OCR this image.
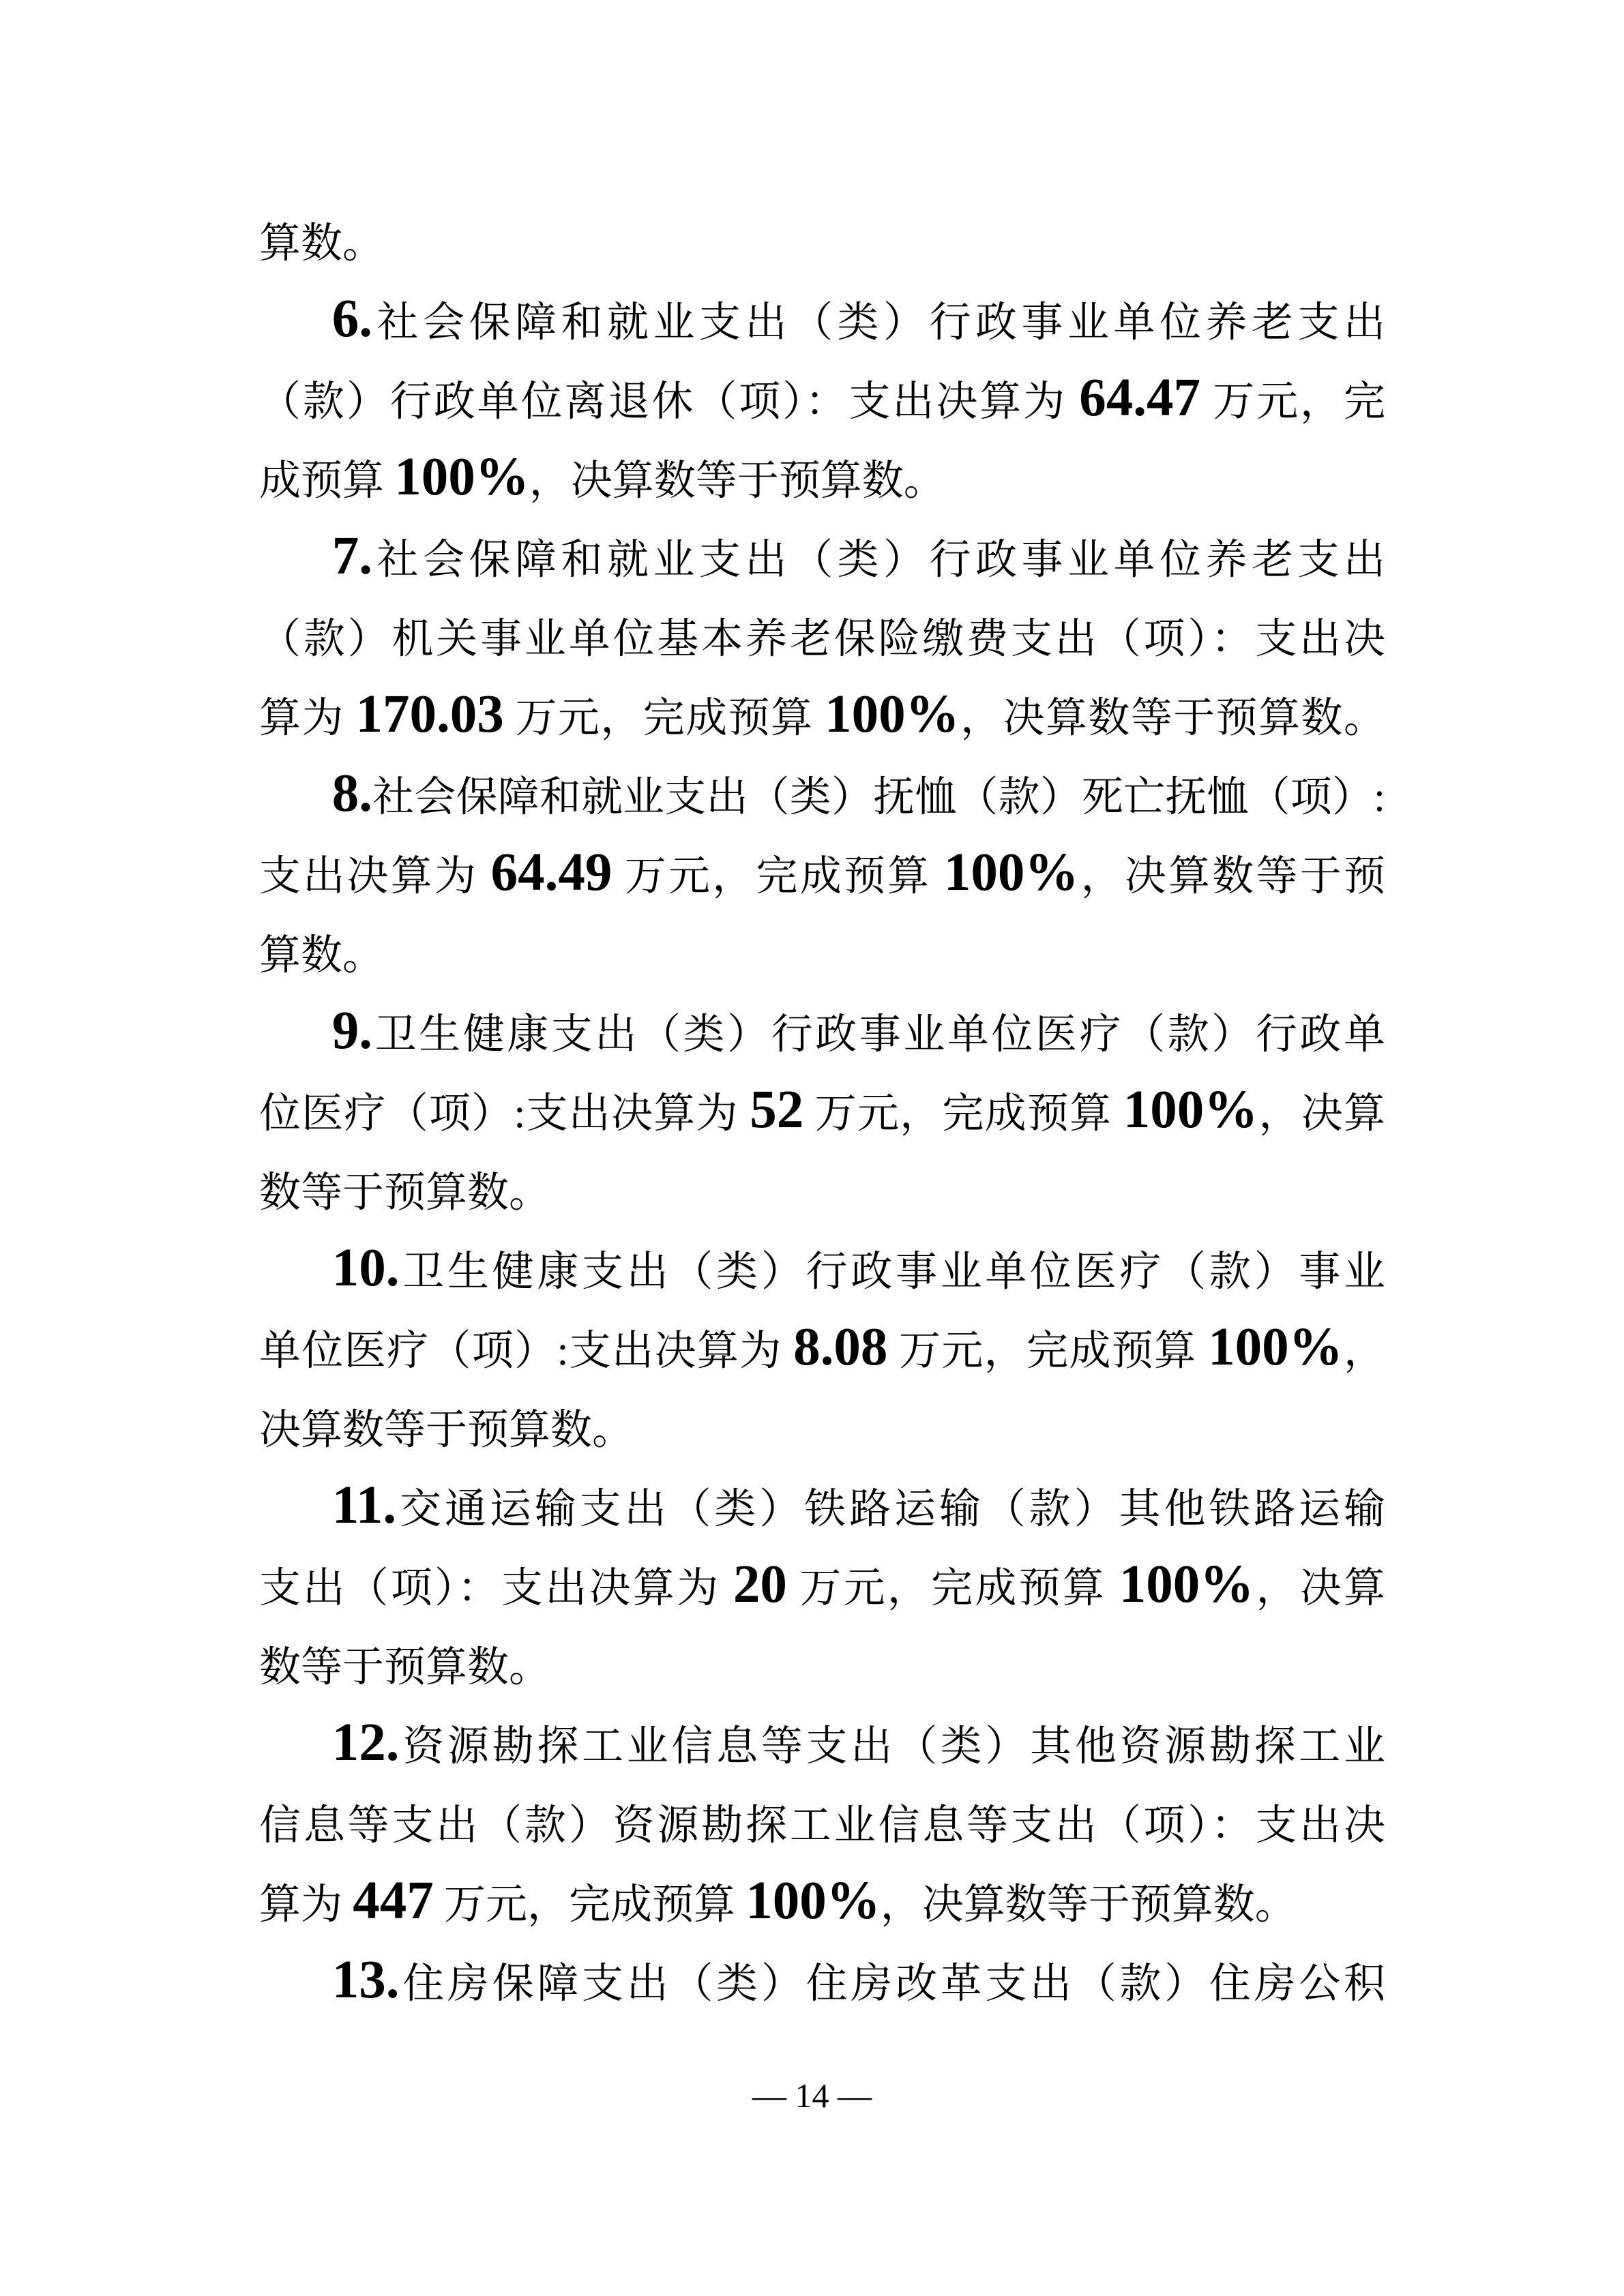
算数。
6.社会保障和就业支出（类）行政事业单位养老支出
（款）行政单位离退休（项）：支出决算为 64.47 万元，完
成预算 100%，决算数等于预算数。
7.社会保障和就业支出（类）行政事业单位养老支出
（款）机关事业单位基本养老保险缴费支出（项）：支出决
算为 170.03 万元，完成预算 100%，决算数等于预算数。
8.社会保障和就业支出（类）抚恤（款）死亡抚恤（项）:
支出决算为 64.49 万元，完成预算 100%，决算数等于预
算数。
9.卫生健康支出（类）行政事业单位医疗（款）行政单
位医疗（项）:支出决算为 52 万元，完成预算 100%，决算
数等于预算数。
10.卫生健康支出（类）行政事业单位医疗（款）事业
单位医疗（项）:支出决算为 8.08 万元，完成预算 100%，
决算数等于预算数。
11.交通运输支出（类）铁路运输（款）其他铁路运输
支出（项）：支出决算为 20 万元，完成预算 100%，决算
数等于预算数。
12.资源勘探工业信息等支出（类）其他资源勘探工业
信息等支出（款）资源勘探工业信息等支出（项）：支出决
算为 447 万元，完成预算 100%，决算数等于预算数。
13.住房保障支出（类）住房改革支出（款）住房公积
— 14 —
